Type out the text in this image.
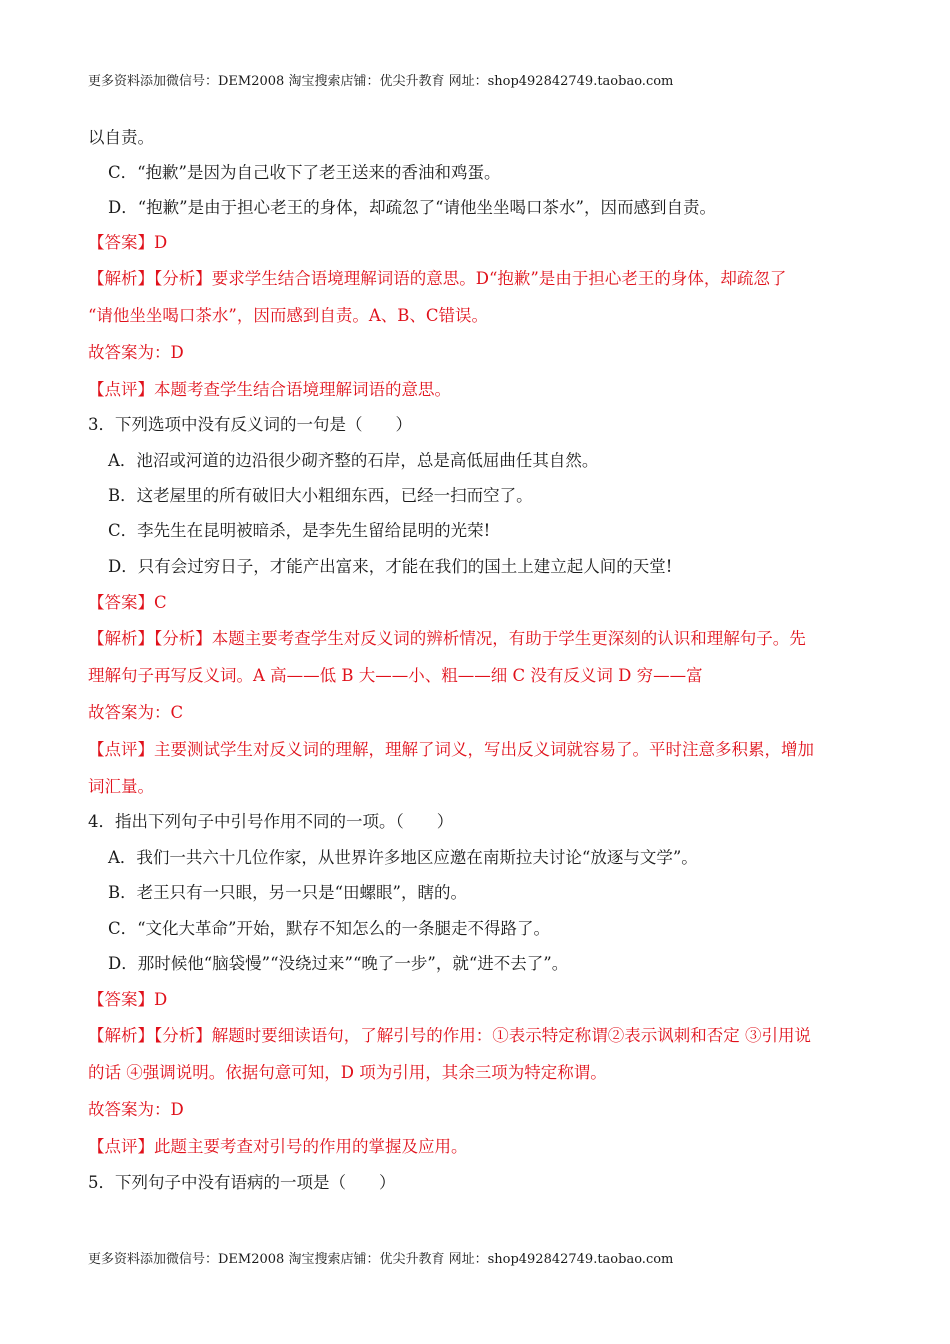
更多资料添加微信号：DEM2008 淘宝搜索店铺：优尖升教育 网址：shop492842749.taobao.com
以自责。
C．“抱歉”是因为自己收下了老王送来的香油和鸡蛋。
D．“抱歉”是由于担心老王的身体，却疏忽了“请他坐坐喝口茶水”，因而感到自责。
【答案】D
【解析】【分析】要求学生结合语境理解词语的意思。D“抱歉”是由于担心老王的身体，却疏忽了
“请他坐坐喝口茶水”，因而感到自责。A、B、C错误。
故答案为：D
【点评】本题考查学生结合语境理解词语的意思。
3．下列选项中没有反义词的一句是（　　）
A．池沼或河道的边沿很少砌齐整的石岸，总是高低屈曲任其自然。
B．这老屋里的所有破旧大小粗细东西，已经一扫而空了。
C．李先生在昆明被暗杀，是李先生留给昆明的光荣!
D．只有会过穷日子，才能产出富来，才能在我们的国土上建立起人间的天堂!
【答案】C
【解析】【分析】本题主要考查学生对反义词的辨析情况，有助于学生更深刻的认识和理解句子。先
理解句子再写反义词。A 高——低 B 大——小、粗——细 C 没有反义词 D 穷——富
故答案为：C
【点评】主要测试学生对反义词的理解，理解了词义，写出反义词就容易了。平时注意多积累，增加
词汇量。
4．指出下列句子中引号作用不同的一项。（　　）
A．我们一共六十几位作家，从世界许多地区应邀在南斯拉夫讨论“放逐与文学”。
B．老王只有一只眼，另一只是“田螺眼”，瞎的。
C．“文化大革命”开始，默存不知怎么的一条腿走不得路了。
D．那时候他“脑袋慢”“没绕过来”“晚了一步”，就“进不去了”。
【答案】D
【解析】【分析】解题时要细读语句，了解引号的作用：①表示特定称谓②表示讽刺和否定 ③引用说
的话 ④强调说明。依据句意可知，D 项为引用，其余三项为特定称谓。
故答案为：D
【点评】此题主要考查对引号的作用的掌握及应用。
5．下列句子中没有语病的一项是（　　）
更多资料添加微信号：DEM2008 淘宝搜索店铺：优尖升教育 网址：shop492842749.taobao.com
